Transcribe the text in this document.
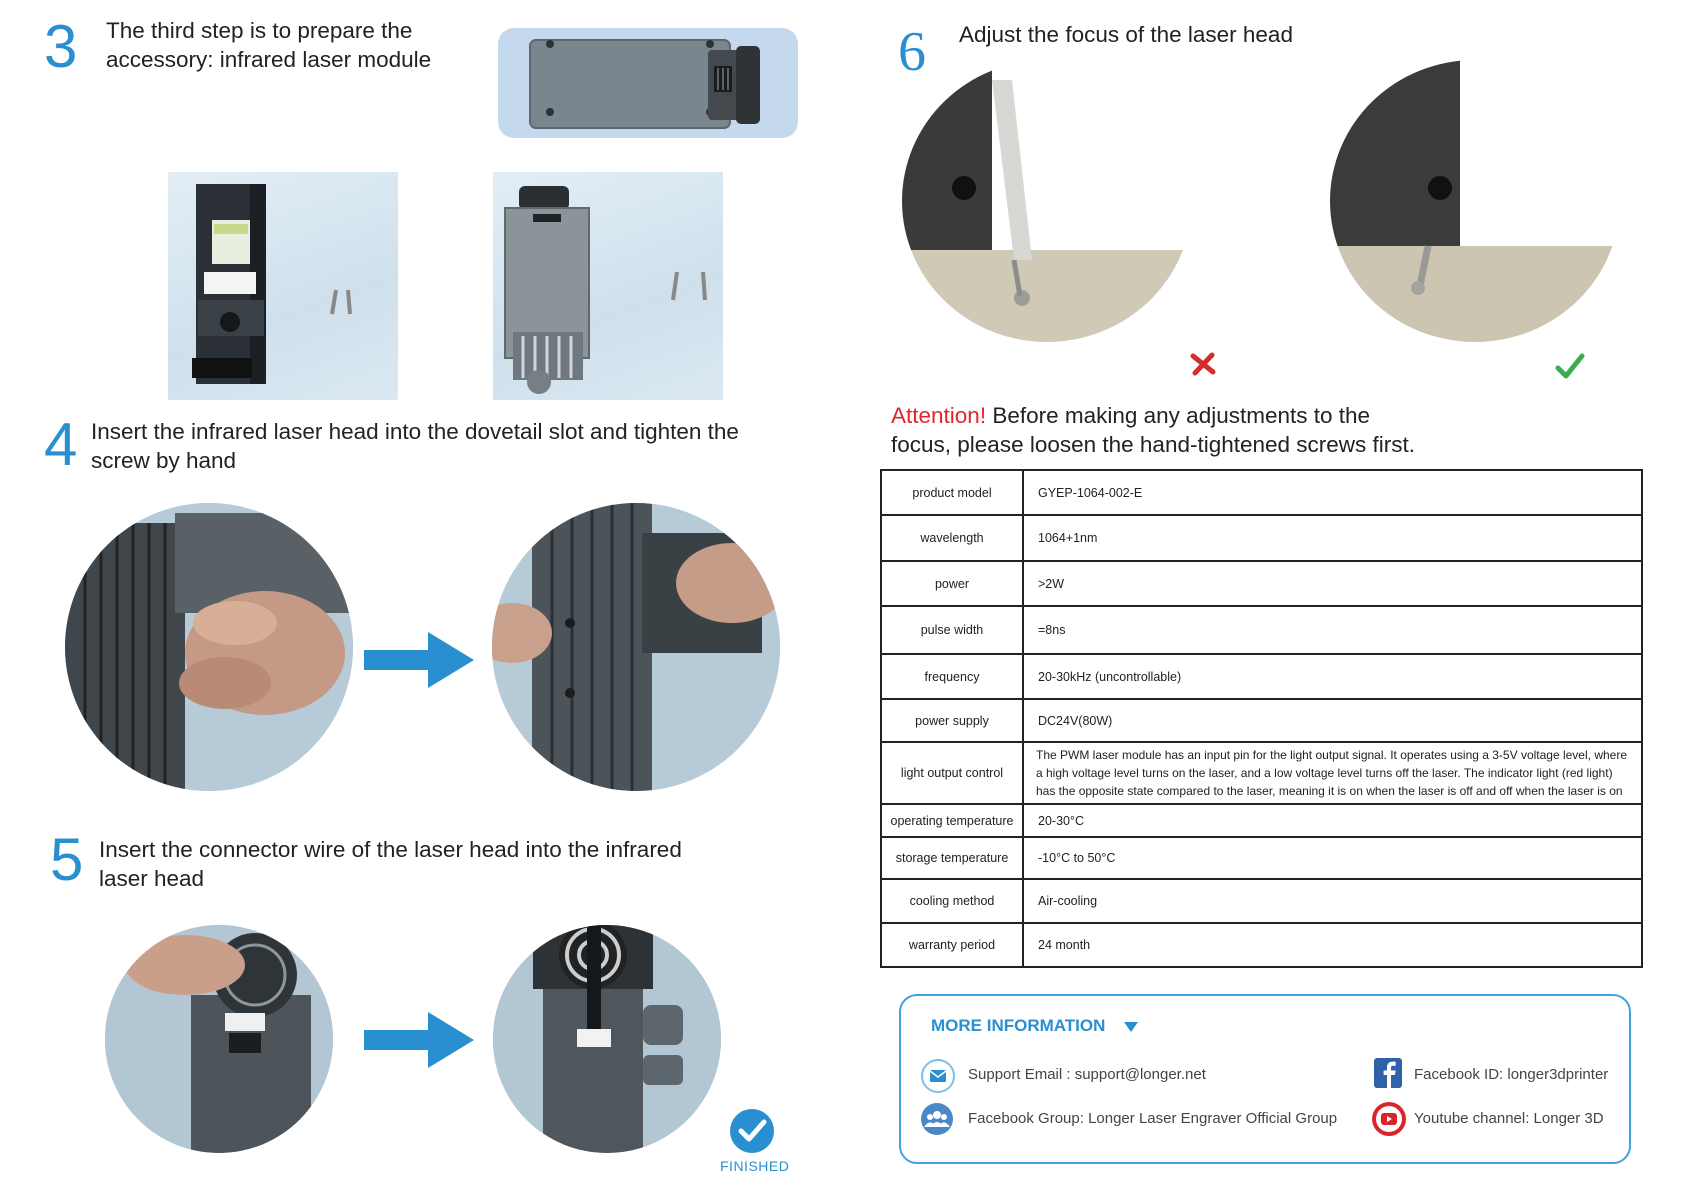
3 The third step is to prepare the
accessory: infrared laser module
4 Insert the infrared laser head into the dovetail slot and tighten the
screw by hand
5 Insert the connector wire of the laser head into the infrared
laser head
FINISHED
6 Adjust the focus of the laser head
Attention! Before making any adjustments to the
focus, please loosen the hand-tightened screws first.
product model	GYEP-1064-002-E
wavelength	1064+1nm
power	>2W
pulse width	=8ns
frequency	20-30kHz (uncontrollable)
power supply	DC24V(80W)
light output control	The PWM laser module has an input pin for the light output signal. It operates using a 3-5V voltage level, where a high voltage level turns on the laser, and a low voltage level turns off the laser. The indicator light (red light) has the opposite state compared to the laser, meaning it is on when the laser is off and off when the laser is on
operating temperature	20-30°C
storage temperature	-10°C to 50°C
cooling method	Air-cooling
warranty period	24 month
MORE INFORMATION
Support Email : support@longer.net	Facebook ID: longer3dprinter
Facebook Group: Longer Laser Engraver Official Group	Youtube channel: Longer 3D
